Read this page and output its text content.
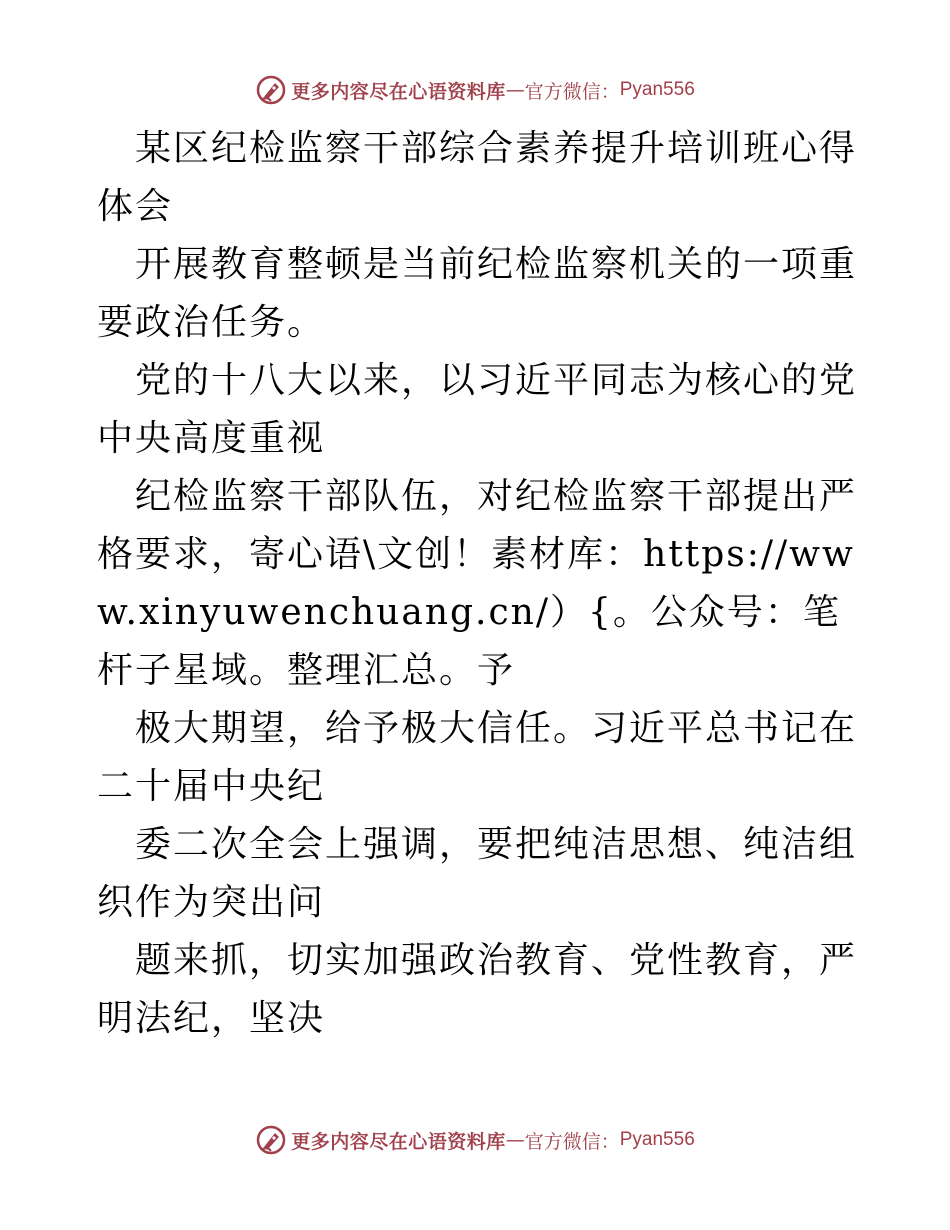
更多内容尽在心语资料库 — 官方微信： Pyan556

某区纪检监察干部综合素养提升培训班心得体会

开展教育整顿是当前纪检监察机关的一项重要政治任务。

党的十八大以来，以习近平同志为核心的党中央高度重视

纪检监察干部队伍，对纪检监察干部提出严格要求，寄心语\文创！素材库：https://www.xinyuwenchuang.cn/）{。公众号：笔杆子星域。整理汇总。予

极大期望，给予极大信任。习近平总书记在二十届中央纪

委二次全会上强调，要把纯洁思想、纯洁组织作为突出问

题来抓，切实加强政治教育、党性教育，严明法纪，坚决

更多内容尽在心语资料库 — 官方微信： Pyan556
